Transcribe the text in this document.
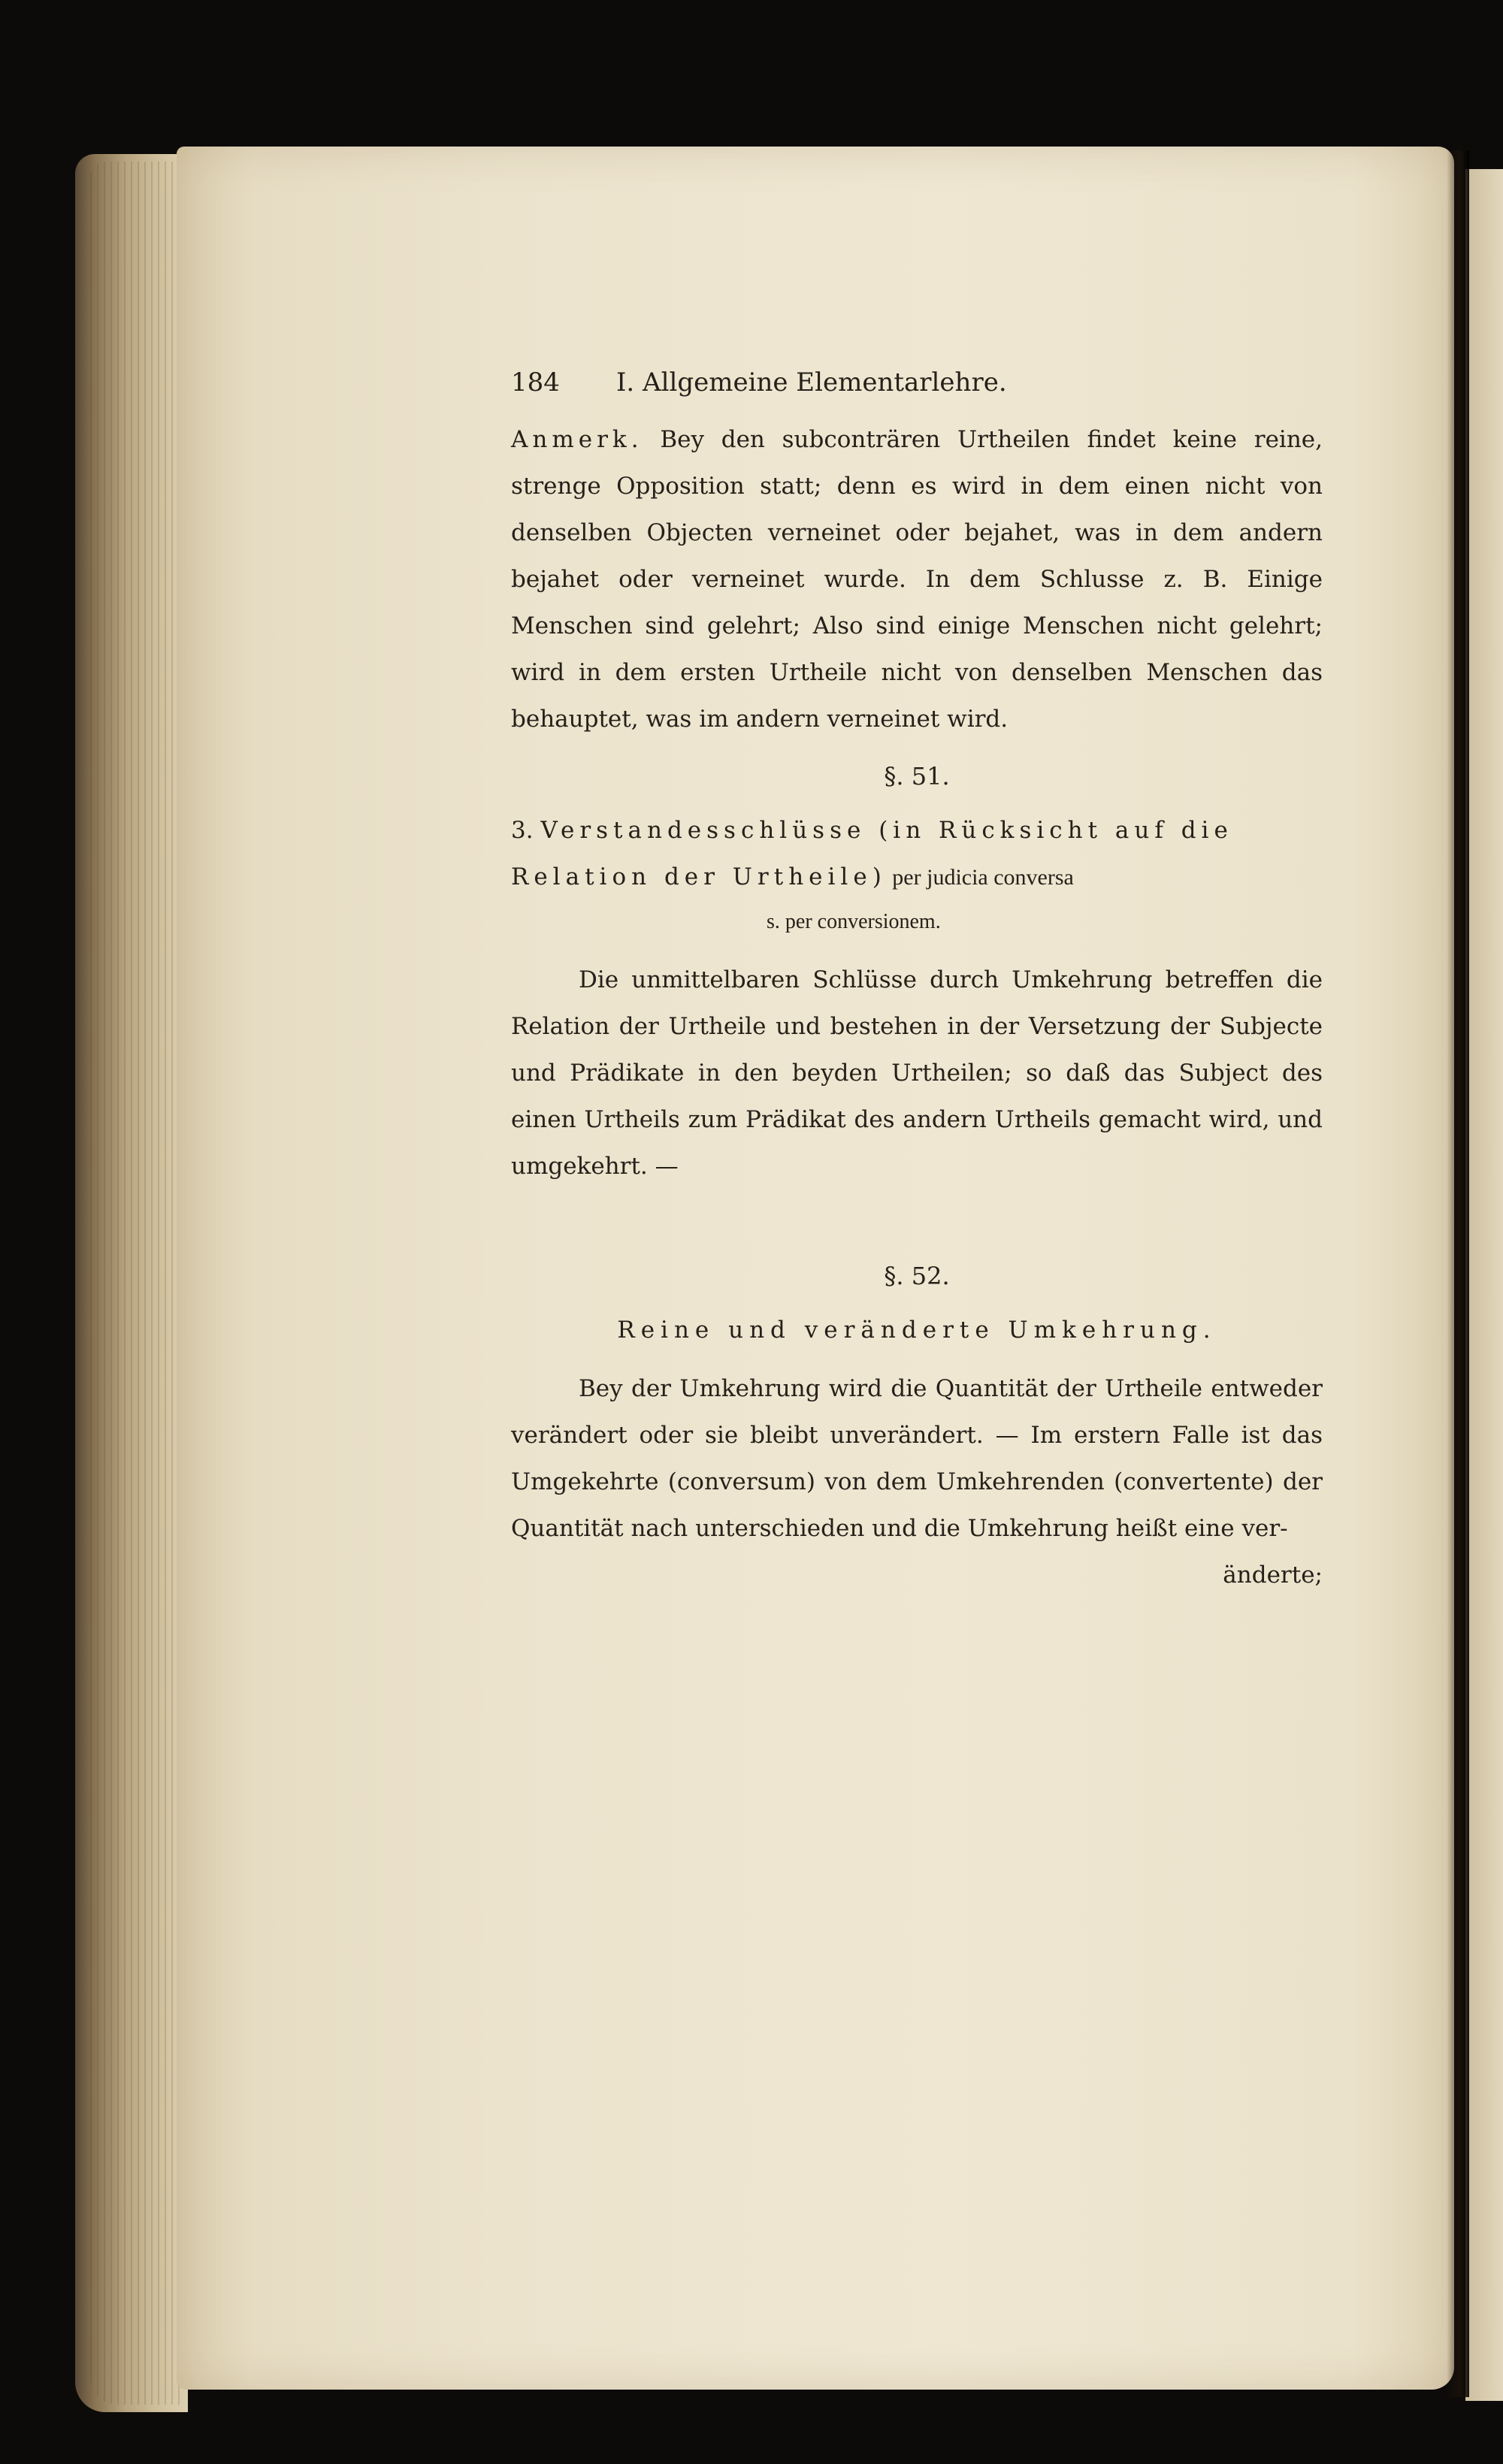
184	I. Allgemeine Elementarlehre.

Anmerk. Bey den subconträren Urtheilen findet keine reine, strenge Opposition statt; denn es wird in dem einen nicht von denselben Objecten verneinet oder bejahet, was in dem andern bejahet oder verneinet wurde. In dem Schlusse z. B. Einige Menschen sind gelehrt; Also sind einige Menschen nicht gelehrt; wird in dem ersten Urtheile nicht von denselben Menschen das behauptet, was im andern verneinet wird.

§. 51.

3. Verstandesschlüsse (in Rücksicht auf die Relation der Urtheile) per judicia conversa

s. per conversionem.

Die unmittelbaren Schlüsse durch Umkehrung betreffen die Relation der Urtheile und bestehen in der Versetzung der Subjecte und Prädikate in den beyden Urtheilen; so daß das Subject des einen Urtheils zum Prädikat des andern Urtheils gemacht wird, und umgekehrt. —

§. 52.
Reine und veränderte Umkehrung.

Bey der Umkehrung wird die Quantität der Urtheile entweder verändert oder sie bleibt unverändert. — Im erstern Falle ist das Umgekehrte (conversum) von dem Umkehrenden (convertente) der Quantität nach unterschieden und die Umkehrung heißt eine ver-

änderte;
